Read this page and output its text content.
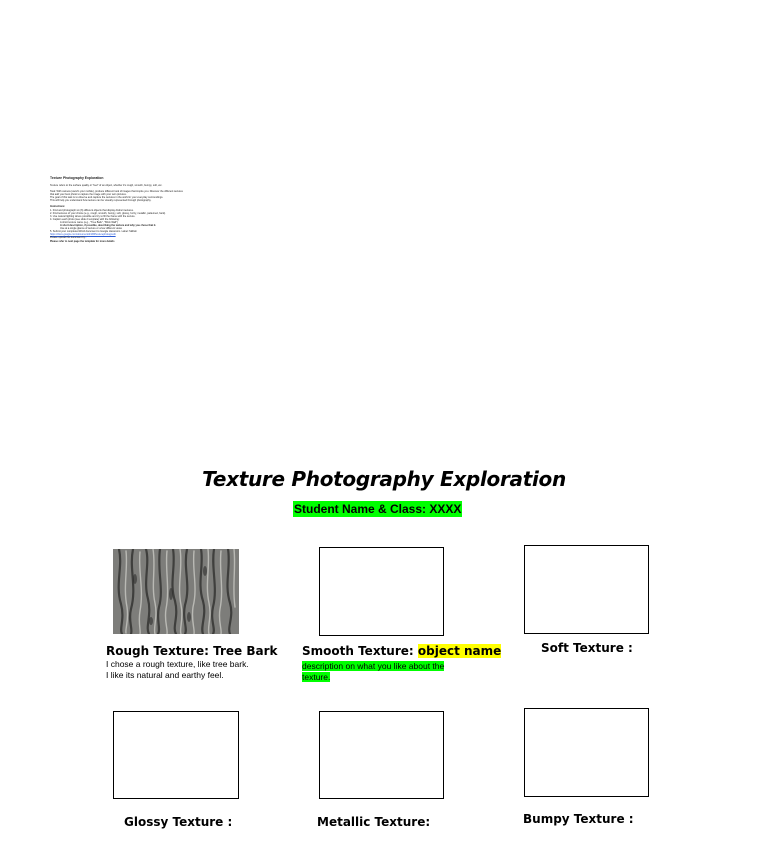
Texture Photography Exploration
Texture refers to the surface quality or "feel" of an object, whether it's rough, smooth, bumpy, soft, etc.
Task: With camera (own/in your mobile), produce different look of images that inspire you. Discover the different textures
that add your best photo to capture the image with your own pictures.
The goal of this task is to observe and capture the textures in the world in your everyday surroundings.
This will help you understand how texture can be visually represented through photography.
Instructions:
1. Find and photograph six (6) different objects that display distinct textures.
2. Find textures of your choice (e.g., rough, smooth, bumpy, soft, glossy, fuzzy, metallic, patterned, hard).
3. Use natural lighting where possible and try to fill the frame with the texture.
4. Caption each photo (see slide 2 template) with the following:
A short texture name (e.g., "Tree Bark", "Brick Wall")
A short description, if possible, describing the texture and why you chose that it.
Use at a single glance of texture or a few different views
5. Submit your completed Word document to Google classroom. Label: Skillsin
https://docs.google.com/document/d/1BPtexturephotog/edit
Please upload the document by...
Please refer to next page the template for more details
Texture Photography Exploration
Student Name & Class: XXXX
Rough Texture: Tree Bark
I chose a rough texture, like tree bark.
I like its natural and earthy feel.
Smooth Texture: object name
description on what you like about the
texture.
Soft Texture :
Glossy Texture :	Metallic Texture:	Bumpy Texture :
